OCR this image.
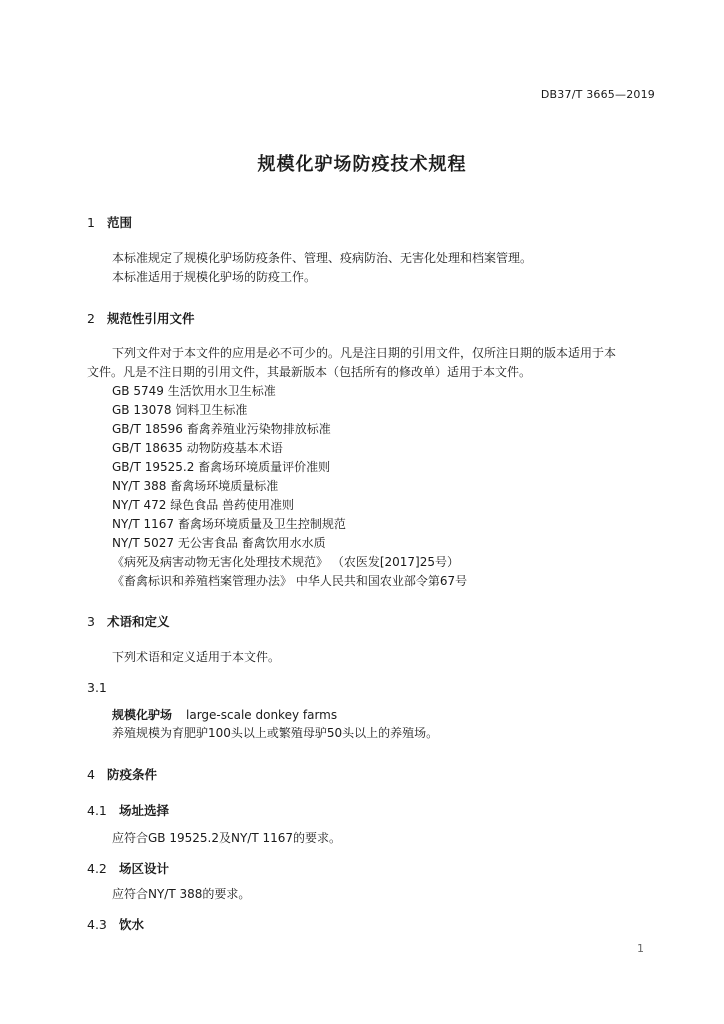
DB37/T 3665—2019
规模化驴场防疫技术规程
1 范围
本标准规定了规模化驴场防疫条件、管理、疫病防治、无害化处理和档案管理。
本标准适用于规模化驴场的防疫工作。
2 规范性引用文件
下列文件对于本文件的应用是必不可少的。凡是注日期的引用文件，仅所注日期的版本适用于本
文件。凡是不注日期的引用文件，其最新版本（包括所有的修改单）适用于本文件。
GB 5749 生活饮用水卫生标准
GB 13078 饲料卫生标准
GB/T 18596 畜禽养殖业污染物排放标准
GB/T 18635 动物防疫基本术语
GB/T 19525.2 畜禽场环境质量评价准则
NY/T 388 畜禽场环境质量标准
NY/T 472 绿色食品 兽药使用准则
NY/T 1167 畜禽场环境质量及卫生控制规范
NY/T 5027 无公害食品 畜禽饮用水水质
《病死及病害动物无害化处理技术规范》 （农医发[2017]25号）
《畜禽标识和养殖档案管理办法》 中华人民共和国农业部令第67号
3 术语和定义
下列术语和定义适用于本文件。
3.1
规模化驴场 large-scale donkey farms
养殖规模为育肥驴100头以上或繁殖母驴50头以上的养殖场。
4 防疫条件
4.1 场址选择
应符合GB 19525.2及NY/T 1167的要求。
4.2 场区设计
应符合NY/T 388的要求。
4.3 饮水
1
